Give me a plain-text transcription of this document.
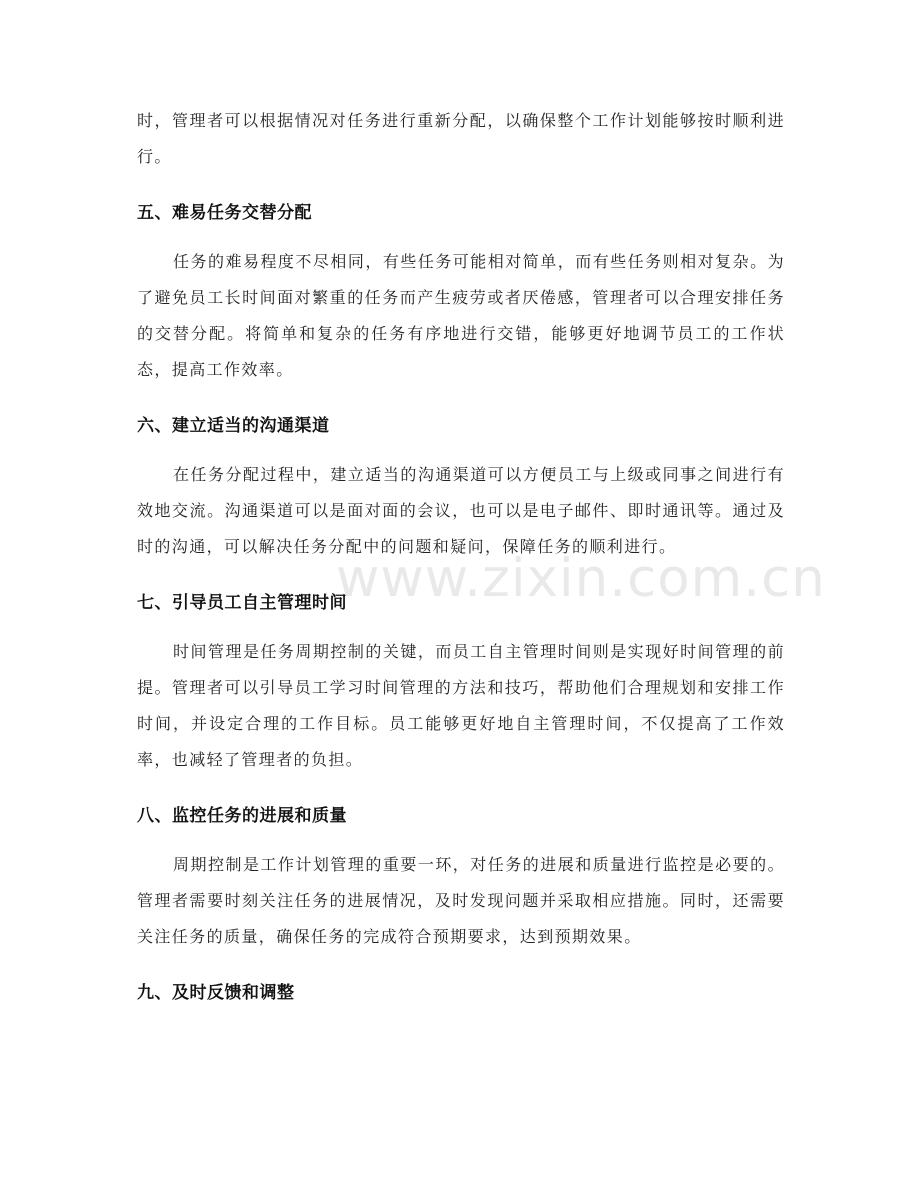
www.zixin.com.cn

时，管理者可以根据情况对任务进行重新分配，以确保整个工作计划能够按时顺利进行。

五、难易任务交替分配

任务的难易程度不尽相同，有些任务可能相对简单，而有些任务则相对复杂。为了避免员工长时间面对繁重的任务而产生疲劳或者厌倦感，管理者可以合理安排任务的交替分配。将简单和复杂的任务有序地进行交错，能够更好地调节员工的工作状态，提高工作效率。

六、建立适当的沟通渠道

在任务分配过程中，建立适当的沟通渠道可以方便员工与上级或同事之间进行有效地交流。沟通渠道可以是面对面的会议，也可以是电子邮件、即时通讯等。通过及时的沟通，可以解决任务分配中的问题和疑问，保障任务的顺利进行。

七、引导员工自主管理时间

时间管理是任务周期控制的关键，而员工自主管理时间则是实现好时间管理的前提。管理者可以引导员工学习时间管理的方法和技巧，帮助他们合理规划和安排工作时间，并设定合理的工作目标。员工能够更好地自主管理时间，不仅提高了工作效率，也减轻了管理者的负担。

八、监控任务的进展和质量

周期控制是工作计划管理的重要一环，对任务的进展和质量进行监控是必要的。管理者需要时刻关注任务的进展情况，及时发现问题并采取相应措施。同时，还需要关注任务的质量，确保任务的完成符合预期要求，达到预期效果。

九、及时反馈和调整
